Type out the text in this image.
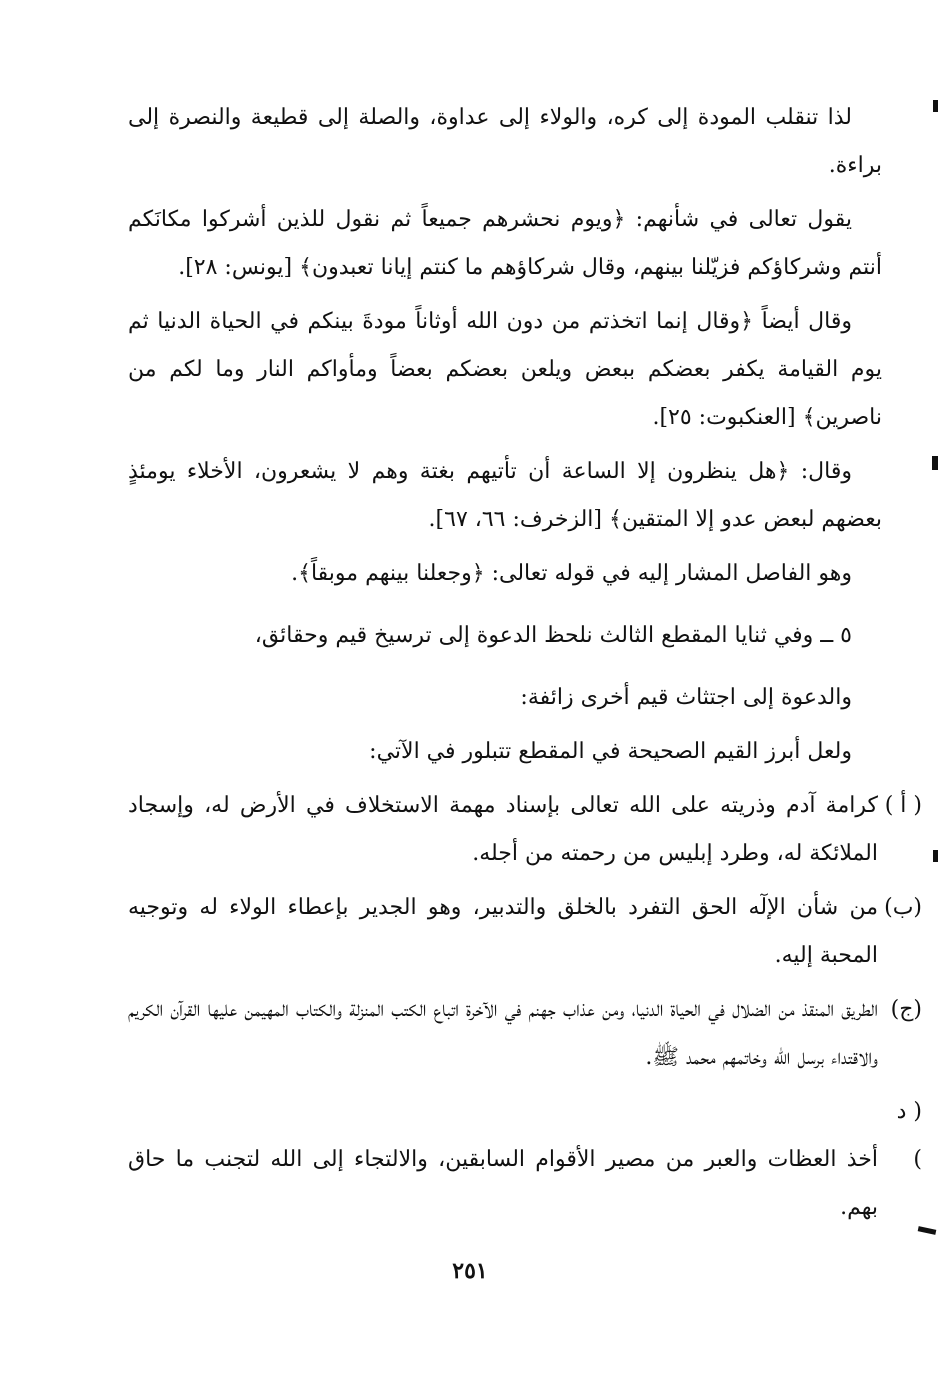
لذا تنقلب المودة إلى كره، والولاء إلى عداوة، والصلة إلى قطيعة والنصرة إلى براءة.

يقول تعالى في شأنهم: ﴿ويوم نحشرهم جميعاً ثم نقول للذين أشركوا مكانَكم أنتم وشركاؤكم فزيّلنا بينهم، وقال شركاؤهم ما كنتم إيانا تعبدون﴾ [يونس: ٢٨].

وقال أيضاً ﴿وقال إنما اتخذتم من دون الله أوثاناً مودةَ بينكم في الحياة الدنيا ثم يوم القيامة يكفر بعضكم ببعض ويلعن بعضكم بعضاً ومأواكم النار وما لكم من ناصرين﴾ [العنكبوت: ٢٥].

وقال: ﴿هل ينظرون إلا الساعة أن تأتيهم بغتة وهم لا يشعرون، الأخلاء يومئذٍ بعضهم لبعض عدو إلا المتقين﴾ [الزخرف: ٦٦، ٦٧].

وهو الفاصل المشار إليه في قوله تعالى: ﴿وجعلنا بينهم موبقاً﴾.

٥ ــ وفي ثنايا المقطع الثالث نلحظ الدعوة إلى ترسيخ قيم وحقائق،

والدعوة إلى اجتثاث قيم أخرى زائفة:

ولعل أبرز القيم الصحيحة في المقطع تتبلور في الآتي:

( أ )
كرامة آدم وذريته على الله تعالى بإسناد مهمة الاستخلاف في الأرض له، وإسجاد الملائكة له، وطرد إبليس من رحمته من أجله.
(ب)
من شأن الإلٓه الحق التفرد بالخلق والتدبير، وهو الجدير بإعطاء الولاء له وتوجيه المحبة إليه.
(ج)
الطريق المنقذ من الضلال في الحياة الدنيا، ومن عذاب جهنم في الآخرة اتباع الكتب المنزلة والكتاب المهيمن عليها القرآن الكريم والاقتداء برسل الله وخاتمهم محمد ﷺ.
( د )
أخذ العظات والعبر من مصير الأقوام السابقين، والالتجاء إلى الله لتجنب ما حاق بهم.
٢٥١
